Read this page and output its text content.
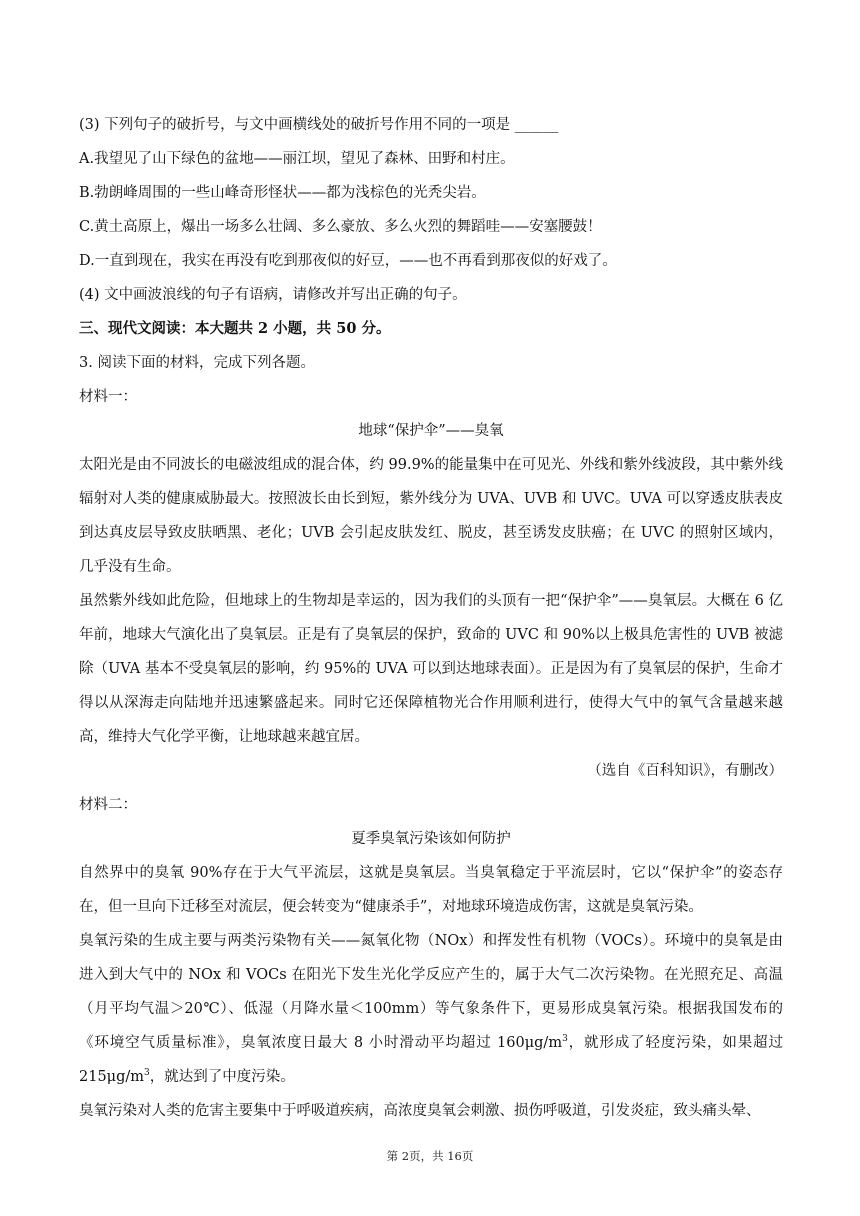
(3) 下列句子的破折号，与文中画横线处的破折号作用不同的一项是 ______

A.我望见了山下绿色的盆地——丽江坝，望见了森林、田野和村庄。

B.勃朗峰周围的一些山峰奇形怪状——都为浅棕色的光秃尖岩。

C.黄土高原上，爆出一场多么壮阔、多么豪放、多么火烈的舞蹈哇——安塞腰鼓！

D.一直到现在，我实在再没有吃到那夜似的好豆，——也不再看到那夜似的好戏了。

(4) 文中画波浪线的句子有语病，请修改并写出正确的句子。

三、现代文阅读：本大题共 2 小题，共 50 分。

3. 阅读下面的材料，完成下列各题。

材料一：

地球“保护伞”——臭氧

太阳光是由不同波长的电磁波组成的混合体，约 99.9%的能量集中在可见光、外线和紫外线波段，其中紫外线辐射对人类的健康威胁最大。按照波长由长到短，紫外线分为 UVA、UVB 和 UVC。UVA 可以穿透皮肤表皮到达真皮层导致皮肤晒黑、老化；UVB 会引起皮肤发红、脱皮，甚至诱发皮肤癌；在 UVC 的照射区域内，几乎没有生命。

虽然紫外线如此危险，但地球上的生物却是幸运的，因为我们的头顶有一把“保护伞”——臭氧层。大概在 6 亿年前，地球大气演化出了臭氧层。正是有了臭氧层的保护，致命的 UVC 和 90%以上极具危害性的 UVB 被滤除（UVA 基本不受臭氧层的影响，约 95%的 UVA 可以到达地球表面）。正是因为有了臭氧层的保护，生命才得以从深海走向陆地并迅速繁盛起来。同时它还保障植物光合作用顺利进行，使得大气中的氧气含量越来越高，维持大气化学平衡，让地球越来越宜居。

（选自《百科知识》，有删改）

材料二：

夏季臭氧污染该如何防护

自然界中的臭氧 90%存在于大气平流层，这就是臭氧层。当臭氧稳定于平流层时，它以“保护伞”的姿态存在，但一旦向下迁移至对流层，便会转变为“健康杀手”，对地球环境造成伤害，这就是臭氧污染。

臭氧污染的生成主要与两类污染物有关——氮氧化物（NOx）和挥发性有机物（VOCs）。环境中的臭氧是由进入到大气中的 NOx 和 VOCs 在阳光下发生光化学反应产生的，属于大气二次污染物。在光照充足、高温（月平均气温＞20℃）、低湿（月降水量＜100mm）等气象条件下，更易形成臭氧污染。根据我国发布的《环境空气质量标准》，臭氧浓度日最大 8 小时滑动平均超过 $160\mu g/m^3$，就形成了轻度污染，如果超过 $215\mu g/m^3$，就达到了中度污染。

臭氧污染对人类的危害主要集中于呼吸道疾病，高浓度臭氧会刺激、损伤呼吸道，引发炎症，致头痛头晕、

第 2页，共 16页
